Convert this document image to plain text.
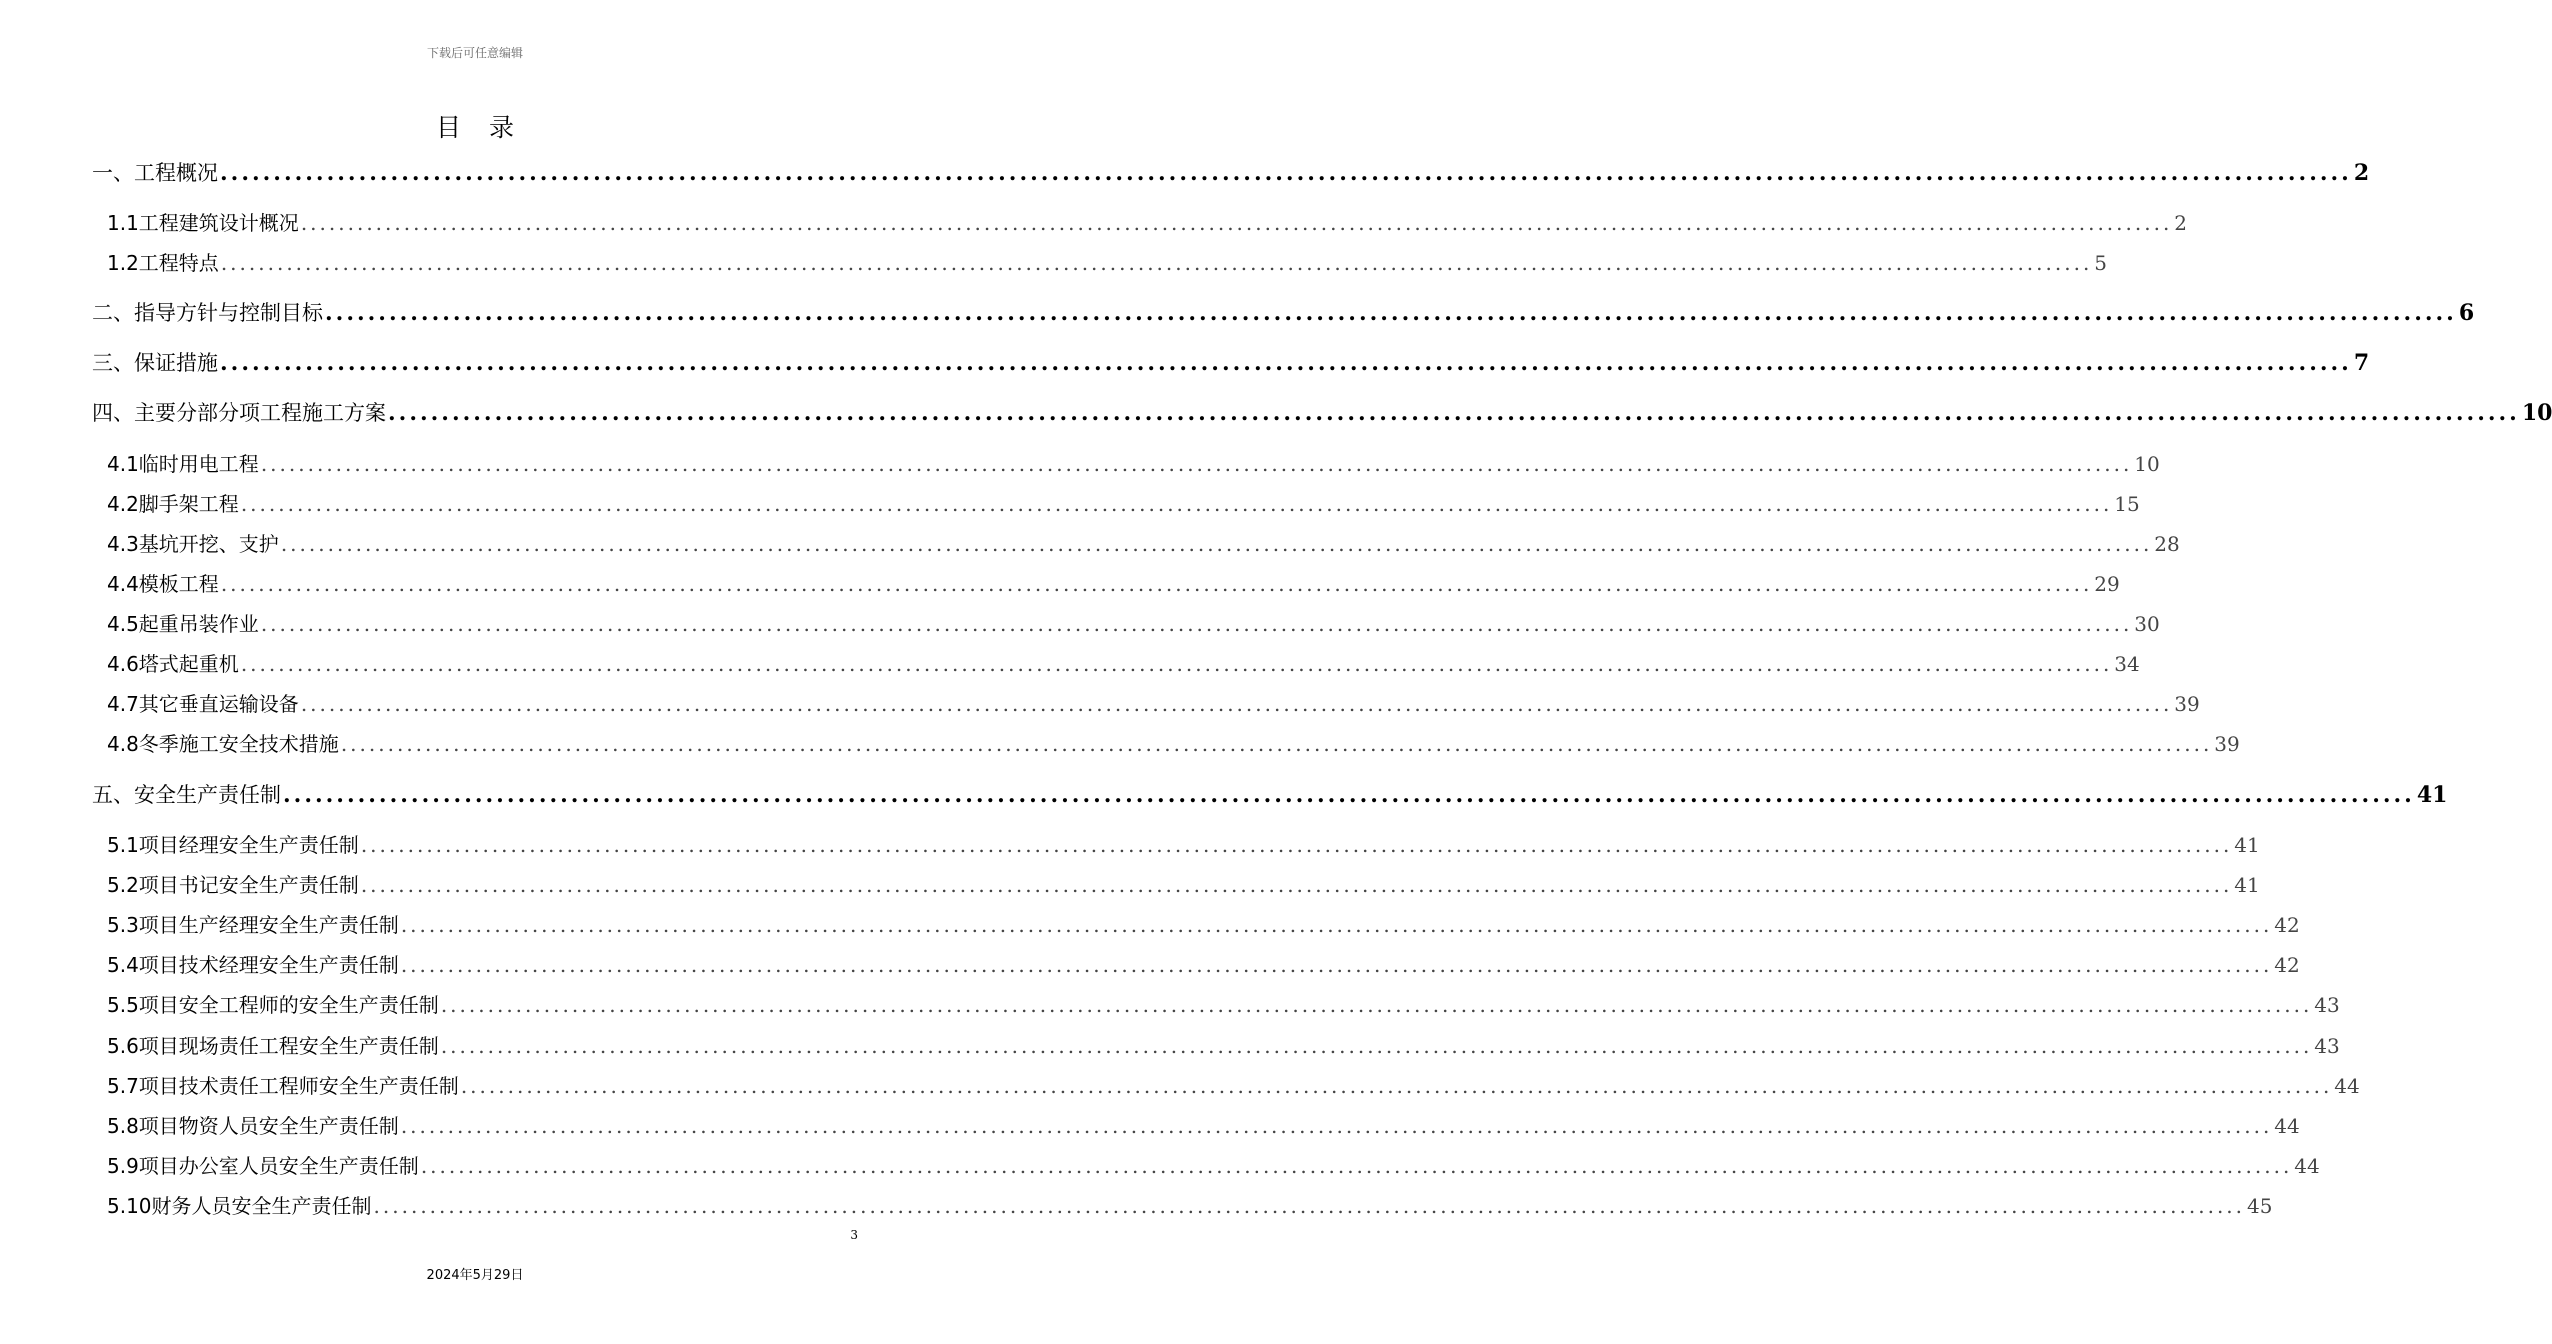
下载后可任意编辑
目 录
一、工程概况 ........................................................................................................................................................................................................ 2
1.1工程建筑设计概况 ........................................................................................................................................................................................................ 2
1.2工程特点 ........................................................................................................................................................................................................ 5
二、指导方针与控制目标 ........................................................................................................................................................................................................ 6
三、保证措施 ........................................................................................................................................................................................................ 7
四、主要分部分项工程施工方案 ........................................................................................................................................................................................................ 10
4.1临时用电工程 ........................................................................................................................................................................................................ 10
4.2脚手架工程 ........................................................................................................................................................................................................ 15
4.3基坑开挖、支护 ........................................................................................................................................................................................................ 28
4.4模板工程 ........................................................................................................................................................................................................ 29
4.5起重吊装作业 ........................................................................................................................................................................................................ 30
4.6塔式起重机 ........................................................................................................................................................................................................ 34
4.7其它垂直运输设备 ........................................................................................................................................................................................................ 39
4.8冬季施工安全技术措施 ........................................................................................................................................................................................................ 39
五、安全生产责任制 ........................................................................................................................................................................................................ 41
5.1项目经理安全生产责任制 ........................................................................................................................................................................................................ 41
5.2项目书记安全生产责任制 ........................................................................................................................................................................................................ 41
5.3项目生产经理安全生产责任制 ........................................................................................................................................................................................................ 42
5.4项目技术经理安全生产责任制 ........................................................................................................................................................................................................ 42
5.5项目安全工程师的安全生产责任制 ........................................................................................................................................................................................................ 43
5.6项目现场责任工程安全生产责任制 ........................................................................................................................................................................................................ 43
5.7项目技术责任工程师安全生产责任制 ........................................................................................................................................................................................................ 44
5.8项目物资人员安全生产责任制 ........................................................................................................................................................................................................ 44
5.9项目办公室人员安全生产责任制 ........................................................................................................................................................................................................ 44
5.10财务人员安全生产责任制 ........................................................................................................................................................................................................ 45
3
2024年5月29日
